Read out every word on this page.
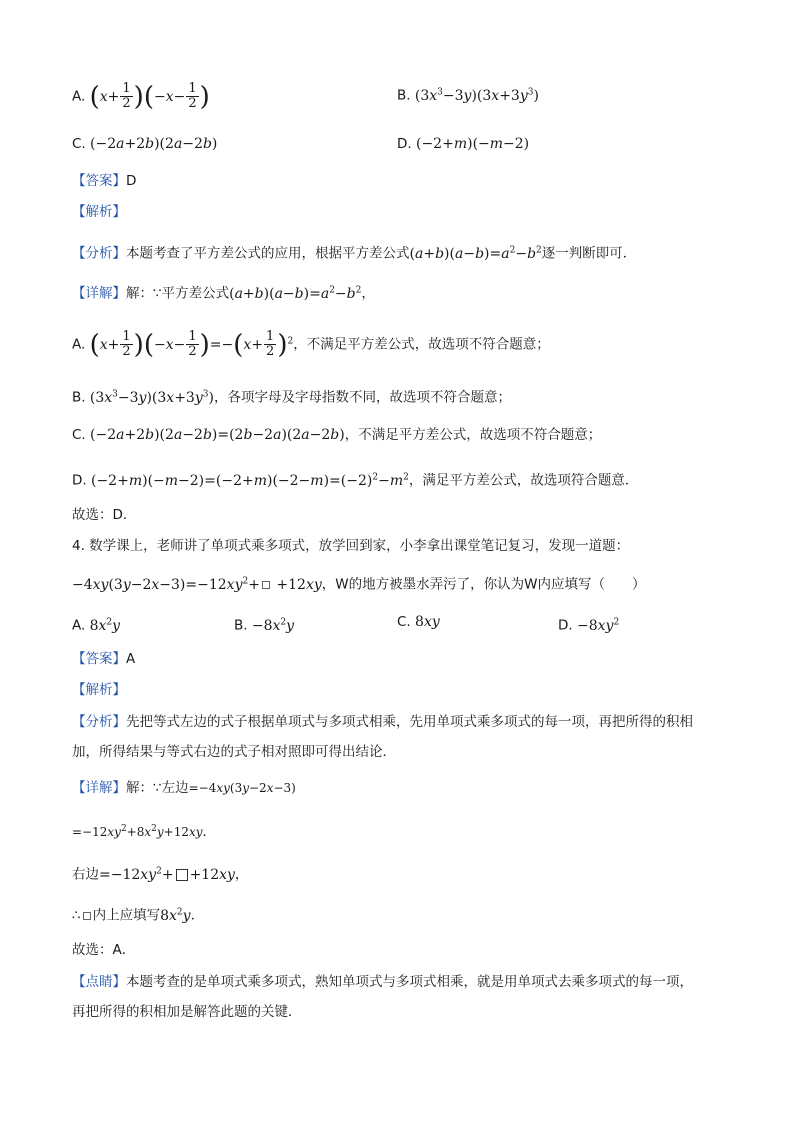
A. $(x+ \frac{1}{2} )(-x- \frac{1}{2}$ )	B. $(3x^3-3y)(3x+3y^3)$
C. (−2a+2b)(2a−2b)	D. (−2+m)(−m−2)
【答案】D
【解析】
【分析】本题考查了平方差公式的应用，根据平方差公式$(a+b)(a-b)=a^2-b^2$逐一判断即可．
【详解】解：∵平方差公式$(a+b)(a-b)=a^2-b^2$，
A. $(x+ \frac{1}{2} )(-x- \frac{1}{2} )=-(x+ \frac{1}{2} )^2$，不满足平方差公式，故选项不符合题意；
B. $(3x^3-3y)(3x+3y^3)$，各项字母及字母指数不同，故选项不符合题意；
C. (−2a+2b)(2a−2b)=(2b−2a)(2a−2b)，不满足平方差公式，故选项不符合题意；
D. $(-2+m)(-m-2)=(-2+m)(-2-m)=(-2)^2-m^2$，满足平方差公式，故选项符合题意．
故选：D．
4. 数学课上，老师讲了单项式乘多项式，放学回到家，小李拿出课堂笔记复习，发现一道题：
$-4xy(3y-2x-3)=-12xy^2+ +12xy$，W的地方被墨水弄污了，你认为W内应填写（　　）
A. $8x^2y$	B. $-8x^2y$	C. 8xy	D. $-8xy^2$
【答案】A
【解析】
【分析】先把等式左边的式子根据单项式与多项式相乘，先用单项式乘多项式的每一项，再把所得的积相
加，所得结果与等式右边的式子相对照即可得出结论．
【详解】解：∵左边=−4xy(3y−2x−3)
$=-12xy^2+8x^2y+12xy$．
右边$=-12xy^2+ +12xy$，
∴ 内上应填写$8x^2y$．
故选：A．
【点睛】本题考查的是单项式乘多项式，熟知单项式与多项式相乘，就是用单项式去乘多项式的每一项，
再把所得的积相加是解答此题的关键．
